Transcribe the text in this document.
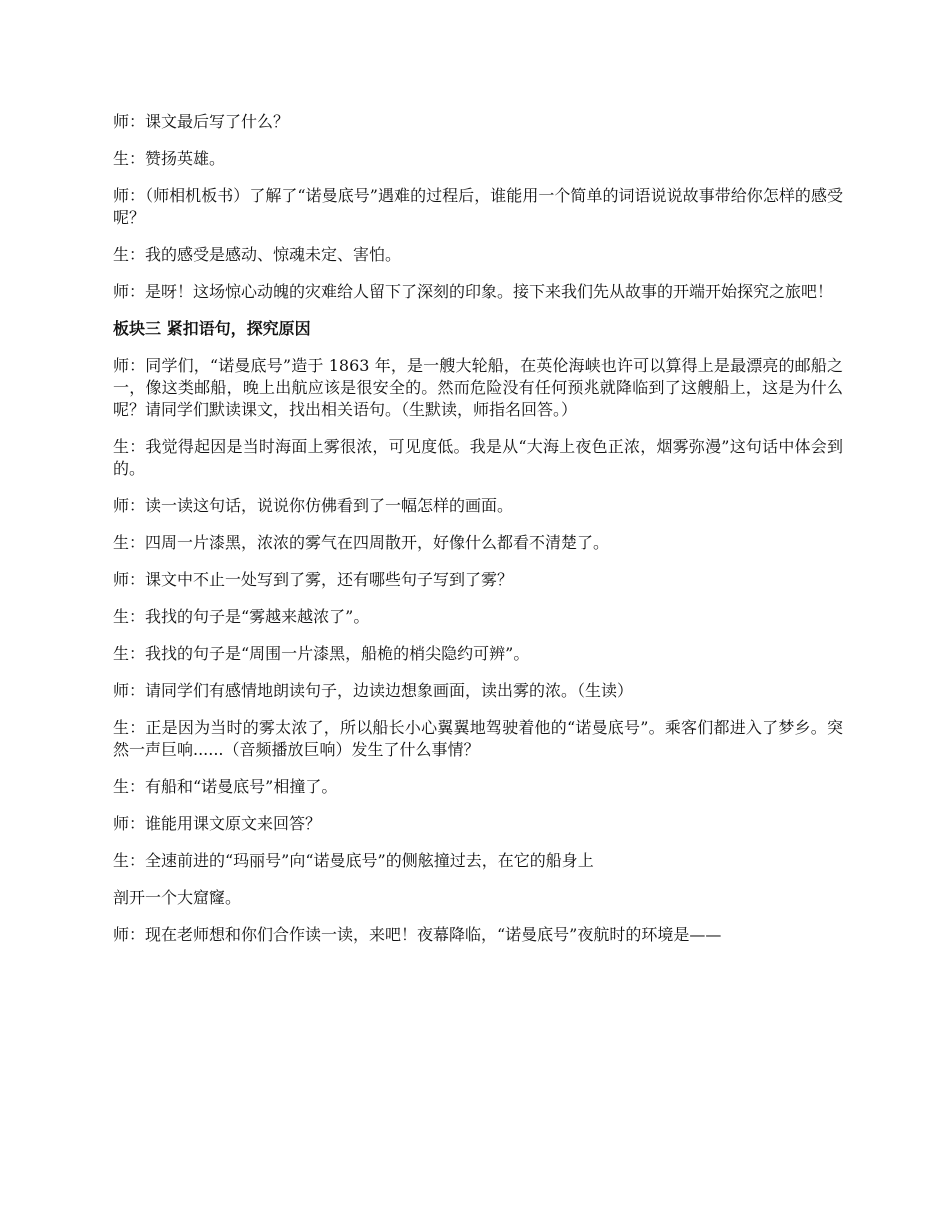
师：课文最后写了什么？

生：赞扬英雄。

师：（师相机板书）了解了“诺曼底号”遇难的过程后，谁能用一个简单的词语说说故事带给你怎样的感受呢？

生：我的感受是感动、惊魂未定、害怕。

师：是呀！这场惊心动魄的灾难给人留下了深刻的印象。接下来我们先从故事的开端开始探究之旅吧！

板块三 紧扣语句，探究原因

师：同学们，“诺曼底号”造于 1863 年，是一艘大轮船，在英伦海峡也许可以算得上是最漂亮的邮船之一，像这类邮船，晚上出航应该是很安全的。然而危险没有任何预兆就降临到了这艘船上，这是为什么呢？请同学们默读课文，找出相关语句。（生默读，师指名回答。）

生：我觉得起因是当时海面上雾很浓，可见度低。我是从“大海上夜色正浓，烟雾弥漫”这句话中体会到的。

师：读一读这句话，说说你仿佛看到了一幅怎样的画面。

生：四周一片漆黑，浓浓的雾气在四周散开，好像什么都看不清楚了。

师：课文中不止一处写到了雾，还有哪些句子写到了雾？

生：我找的句子是“雾越来越浓了”。

生：我找的句子是“周围一片漆黑，船桅的梢尖隐约可辨”。

师：请同学们有感情地朗读句子，边读边想象画面，读出雾的浓。（生读）

生：正是因为当时的雾太浓了，所以船长小心翼翼地驾驶着他的“诺曼底号”。乘客们都进入了梦乡。突然一声巨响......（音频播放巨响）发生了什么事情？

生：有船和“诺曼底号”相撞了。

师：谁能用课文原文来回答？

生：全速前进的“玛丽号”向“诺曼底号”的侧舷撞过去，在它的船身上

剖开一个大窟窿。

师：现在老师想和你们合作读一读，来吧！夜幕降临，“诺曼底号”夜航时的环境是——
